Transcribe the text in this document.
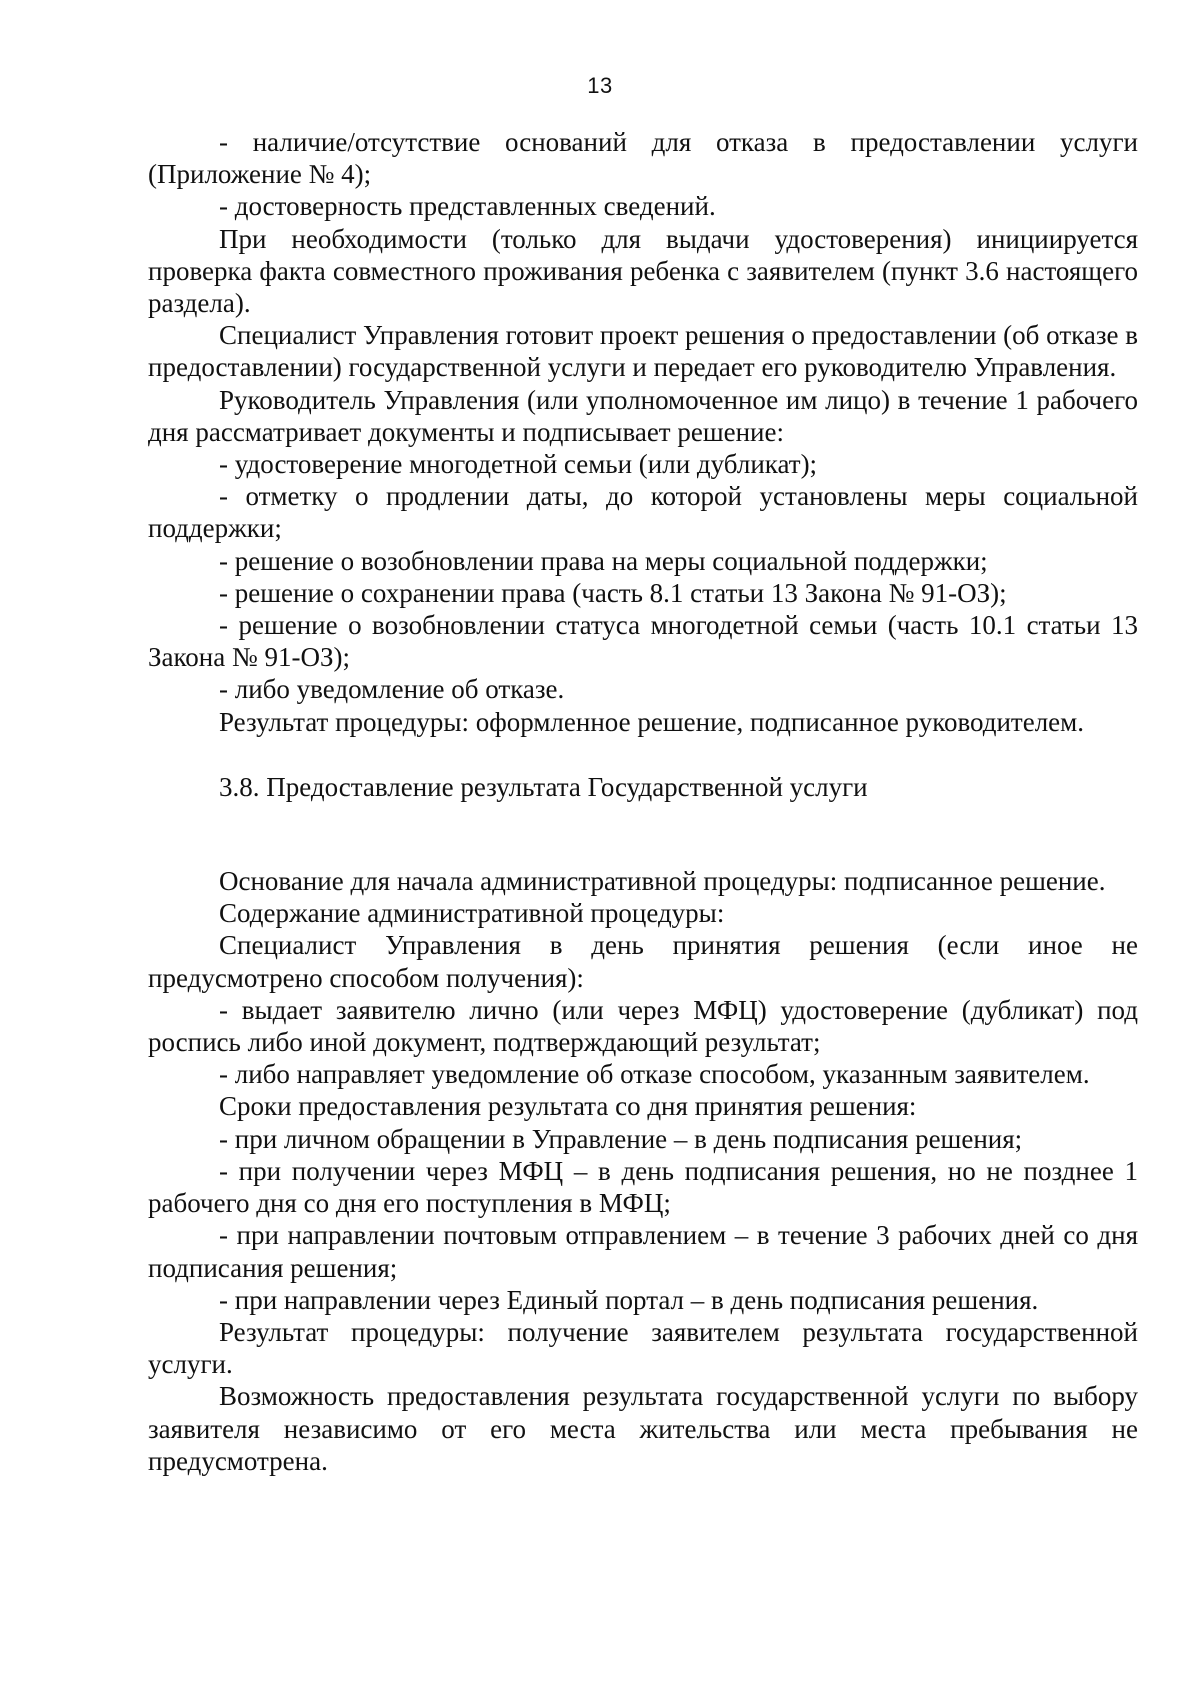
13

- наличие/отсутствие оснований для отказа в предоставлении услуги (Приложение № 4);

- достоверность представленных сведений.

При необходимости (только для выдачи удостоверения) инициируется проверка факта совместного проживания ребенка с заявителем (пункт 3.6 настоящего раздела).

Специалист Управления готовит проект решения о предоставлении (об отказе в предоставлении) государственной услуги и передает его руководителю Управления.

Руководитель Управления (или уполномоченное им лицо) в течение 1 рабочего дня рассматривает документы и подписывает решение:

- удостоверение многодетной семьи (или дубликат);

- отметку о продлении даты, до которой установлены меры социальной поддержки;

- решение о возобновлении права на меры социальной поддержки;

- решение о сохранении права (часть 8.1 статьи 13 Закона № 91-ОЗ);

- решение о возобновлении статуса многодетной семьи (часть 10.1 статьи 13 Закона № 91-ОЗ);

- либо уведомление об отказе.

Результат процедуры: оформленное решение, подписанное руководителем.

3.8. Предоставление результата Государственной услуги

Основание для начала административной процедуры: подписанное решение.

Содержание административной процедуры:

Специалист Управления в день принятия решения (если иное не предусмотрено способом получения):

- выдает заявителю лично (или через МФЦ) удостоверение (дубликат) под роспись либо иной документ, подтверждающий результат;

- либо направляет уведомление об отказе способом, указанным заявителем.

Сроки предоставления результата со дня принятия решения:

- при личном обращении в Управление – в день подписания решения;

- при получении через МФЦ – в день подписания решения, но не позднее 1 рабочего дня со дня его поступления в МФЦ;

- при направлении почтовым отправлением – в течение 3 рабочих дней со дня подписания решения;

- при направлении через Единый портал – в день подписания решения.

Результат процедуры: получение заявителем результата государственной услуги.

Возможность предоставления результата государственной услуги по выбору заявителя независимо от его места жительства или места пребывания не предусмотрена.
